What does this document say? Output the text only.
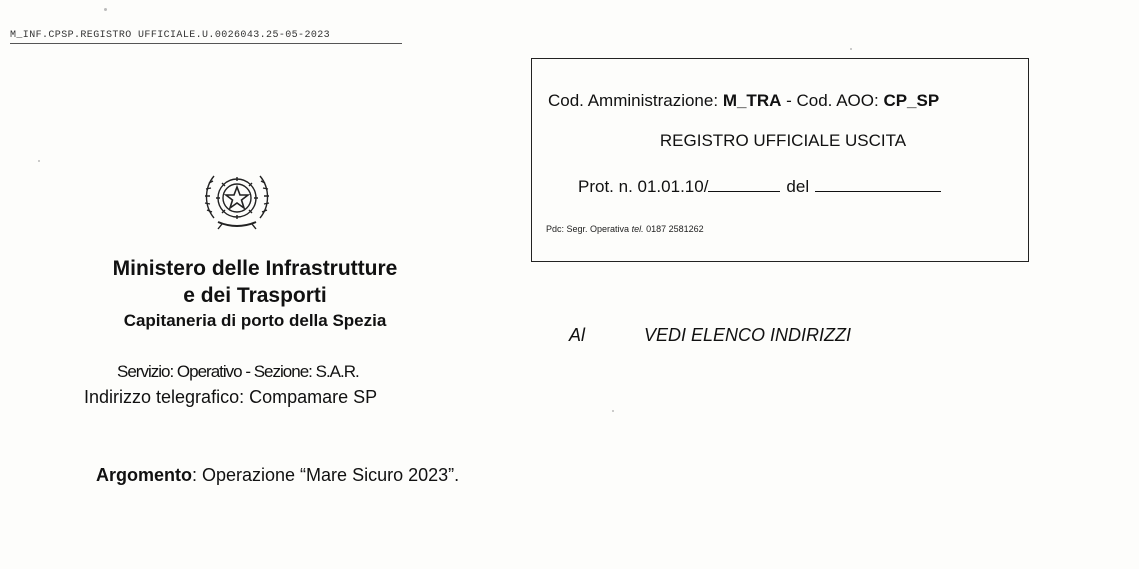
M_INF.CPSP.REGISTRO UFFICIALE.U.0026043.25-05-2023
Ministero delle Infrastrutture
e dei Trasporti
Capitaneria di porto della Spezia
Servizio: Operativo - Sezione: S.A.R.
Indirizzo telegrafico: Compamare SP
Cod. Amministrazione: M_TRA - Cod. AOO: CP_SP
REGISTRO UFFICIALE USCITA
Prot. n. 01.01.10/	del
Pdc: Segr. Operativa tel. 0187 2581262
Al	VEDI ELENCO INDIRIZZI
Argomento: Operazione “Mare Sicuro 2023”.
